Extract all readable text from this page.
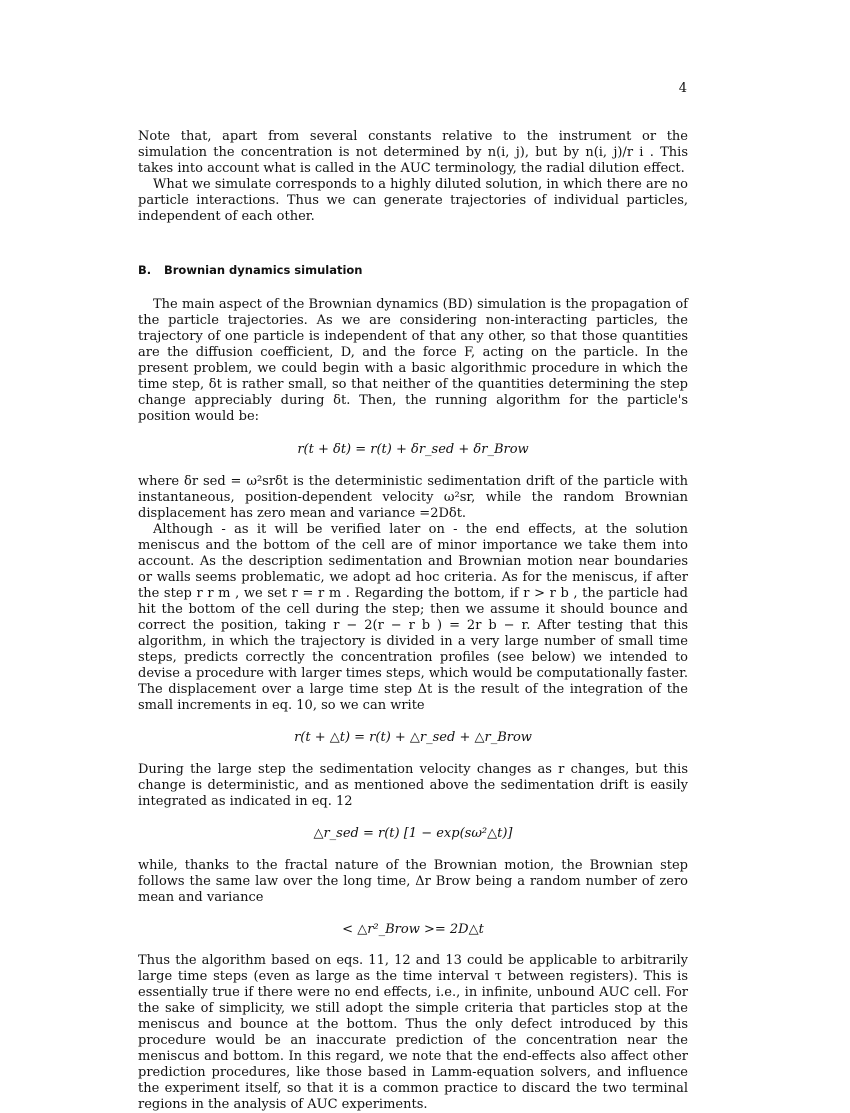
4

Note that, apart from several constants relative to the instrument or the simulation the concentration is not determined by n(i, j), but by n(i, j)/r i . This takes into account what is called in the AUC terminology, the radial dilution effect.

What we simulate corresponds to a highly diluted solution, in which there are no particle interactions. Thus we can generate trajectories of individual particles, independent of each other.

B. Brownian dynamics simulation

The main aspect of the Brownian dynamics (BD) simulation is the propagation of the particle trajectories. As we are considering non-interacting particles, the trajectory of one particle is independent of that any other, so that those quantities are the diffusion coefficient, D, and the force F, acting on the particle. In the present problem, we could begin with a basic algorithmic procedure in which the time step, δt is rather small, so that neither of the quantities determining the step change appreciably during δt. Then, the running algorithm for the particle's position would be:

r(t + δt) = r(t) + δr_sed + δr_Brow

where δr sed = ω²srδt is the deterministic sedimentation drift of the particle with instantaneous, position-dependent velocity ω²sr, while the random Brownian displacement has zero mean and variance =2Dδt.

Although - as it will be verified later on - the end effects, at the solution meniscus and the bottom of the cell are of minor importance we take them into account. As the description sedimentation and Brownian motion near boundaries or walls seems problematic, we adopt ad hoc criteria. As for the meniscus, if after the step r r m , we set r = r m . Regarding the bottom, if r > r b , the particle had hit the bottom of the cell during the step; then we assume it should bounce and correct the position, taking r − 2(r − r b ) = 2r b − r. After testing that this algorithm, in which the trajectory is divided in a very large number of small time steps, predicts correctly the concentration profiles (see below) we intended to devise a procedure with larger times steps, which would be computationally faster. The displacement over a large time step Δt is the result of the integration of the small increments in eq. 10, so we can write

r(t + △t) = r(t) + △r_sed + △r_Brow

During the large step the sedimentation velocity changes as r changes, but this change is deterministic, and as mentioned above the sedimentation drift is easily integrated as indicated in eq. 12

△r_sed = r(t) [1 − exp(sω²△t)]

while, thanks to the fractal nature of the Brownian motion, the Brownian step follows the same law over the long time, Δr Brow being a random number of zero mean and variance

< △r²_Brow >= 2D△t

Thus the algorithm based on eqs. 11, 12 and 13 could be applicable to arbitrarily large time steps (even as large as the time interval τ between registers). This is essentially true if there were no end effects, i.e., in infinite, unbound AUC cell. For the sake of simplicity, we still adopt the simple criteria that particles stop at the meniscus and bounce at the bottom. Thus the only defect introduced by this procedure would be an inaccurate prediction of the concentration near the meniscus and bottom. In this regard, we note that the end-effects also affect other prediction procedures, like those based in Lamm-equation solvers, and influence the experiment itself, so that it is a common practice to discard the two terminal regions in the analysis of AUC experiments.
